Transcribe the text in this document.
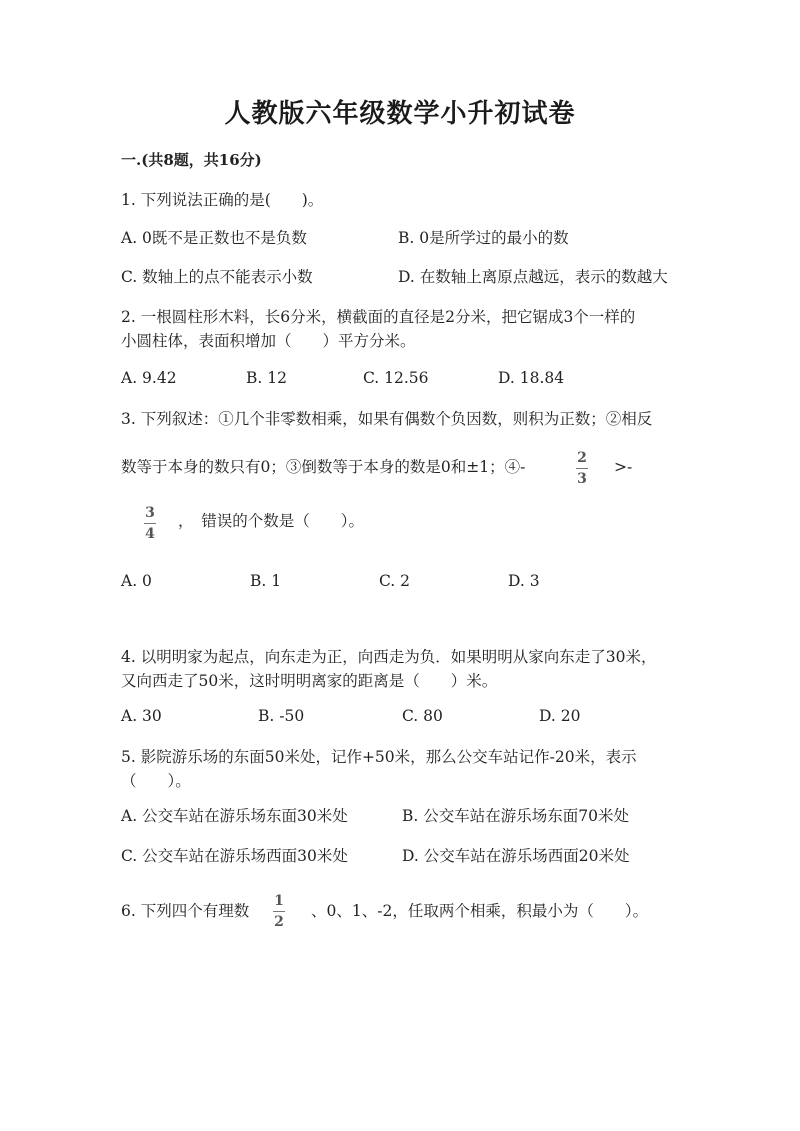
人教版六年级数学小升初试卷
一.(共8题，共16分)
1. 下列说法正确的是(　　)。
A. 0既不是正数也不是负数	B. 0是所学过的最小的数
C. 数轴上的点不能表示小数	D. 在数轴上离原点越远，表示的数越大
2. 一根圆柱形木料，长6分米，横截面的直径是2分米，把它锯成3个一样的
小圆柱体，表面积增加（　　）平方分米。
A. 9.42	B. 12	C. 12.56	D. 18.84
3. 下列叙述：①几个非零数相乘，如果有偶数个负因数，则积为正数；②相反
数等于本身的数只有0；③倒数等于本身的数是0和±1；④-	2
3
>-
3
4
，　错误的个数是（　　）。
A. 0	B. 1	C. 2	D. 3
4. 以明明家为起点，向东走为正，向西走为负．如果明明从家向东走了30米，
又向西走了50米，这时明明离家的距离是（　　）米。
A. 30	B. -50	C. 80	D. 20
5. 影院游乐场的东面50米处，记作+50米，那么公交车站记作-20米，表示
（　　）。
A. 公交车站在游乐场东面30米处	B. 公交车站在游乐场东面70米处
C. 公交车站在游乐场西面30米处	D. 公交车站在游乐场西面20米处
6. 下列四个有理数
1
2
、0、1、-2，任取两个相乘，积最小为（　　）。
